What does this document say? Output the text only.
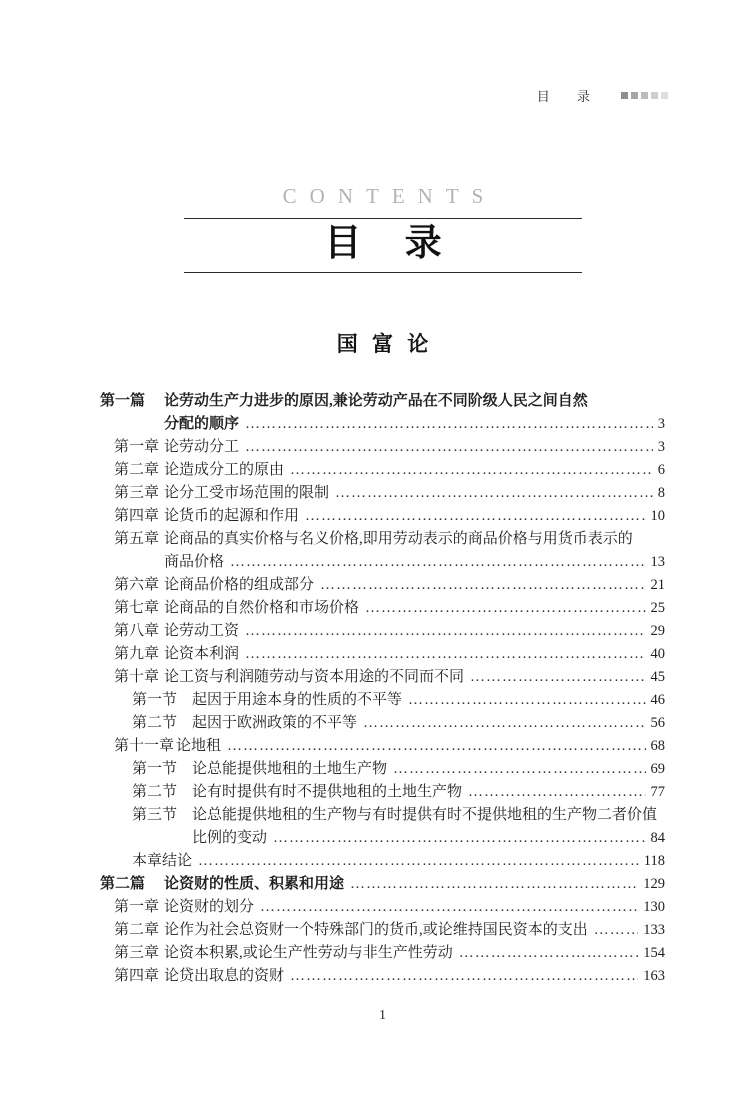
目 录
CONTENTS
目 录
国 富 论
第一篇	论劳动生产力进步的原因,兼论劳动产品在不同阶级人民之间自然
分配的顺序 ………………………………………………………………………………………………………………………………	3
第一章 论劳动分工 ………………………………………………………………………………………………………………………………	3
第二章 论造成分工的原由 ………………………………………………………………………………………………………………………………	6
第三章 论分工受市场范围的限制 ………………………………………………………………………………………………………………………………	8
第四章 论货币的起源和作用 ………………………………………………………………………………………………………………………………	10
第五章 论商品的真实价格与名义价格,即用劳动表示的商品价格与用货币表示的
商品价格 ………………………………………………………………………………………………………………………………	13
第六章 论商品价格的组成部分 ………………………………………………………………………………………………………………………………	21
第七章 论商品的自然价格和市场价格 ………………………………………………………………………………………………………………………………	25
第八章 论劳动工资 ………………………………………………………………………………………………………………………………	29
第九章 论资本利润 ………………………………………………………………………………………………………………………………	40
第十章 论工资与利润随劳动与资本用途的不同而不同 ………………………………………………………………………………………………………………………………	45
第一节 起因于用途本身的性质的不平等 ………………………………………………………………………………………………………………………………	46
第二节 起因于欧洲政策的不平等 ………………………………………………………………………………………………………………………………	56
第十一章 论地租 ………………………………………………………………………………………………………………………………	68
第一节 论总能提供地租的土地生产物 ………………………………………………………………………………………………………………………………	69
第二节 论有时提供有时不提供地租的土地生产物 ………………………………………………………………………………………………………………………………	77
第三节 论总能提供地租的生产物与有时提供有时不提供地租的生产物二者价值
比例的变动 ………………………………………………………………………………………………………………………………	84
本章结论 ………………………………………………………………………………………………………………………………	118
第二篇	论资财的性质、积累和用途 ………………………………………………………………………………………………………………………………	129
第一章 论资财的划分 ………………………………………………………………………………………………………………………………	130
第二章 论作为社会总资财一个特殊部门的货币,或论维持国民资本的支出 ………………………………………………………………………………………………………………………………	133
第三章 论资本积累,或论生产性劳动与非生产性劳动 ………………………………………………………………………………………………………………………………	154
第四章 论贷出取息的资财 ………………………………………………………………………………………………………………………………	163
1
